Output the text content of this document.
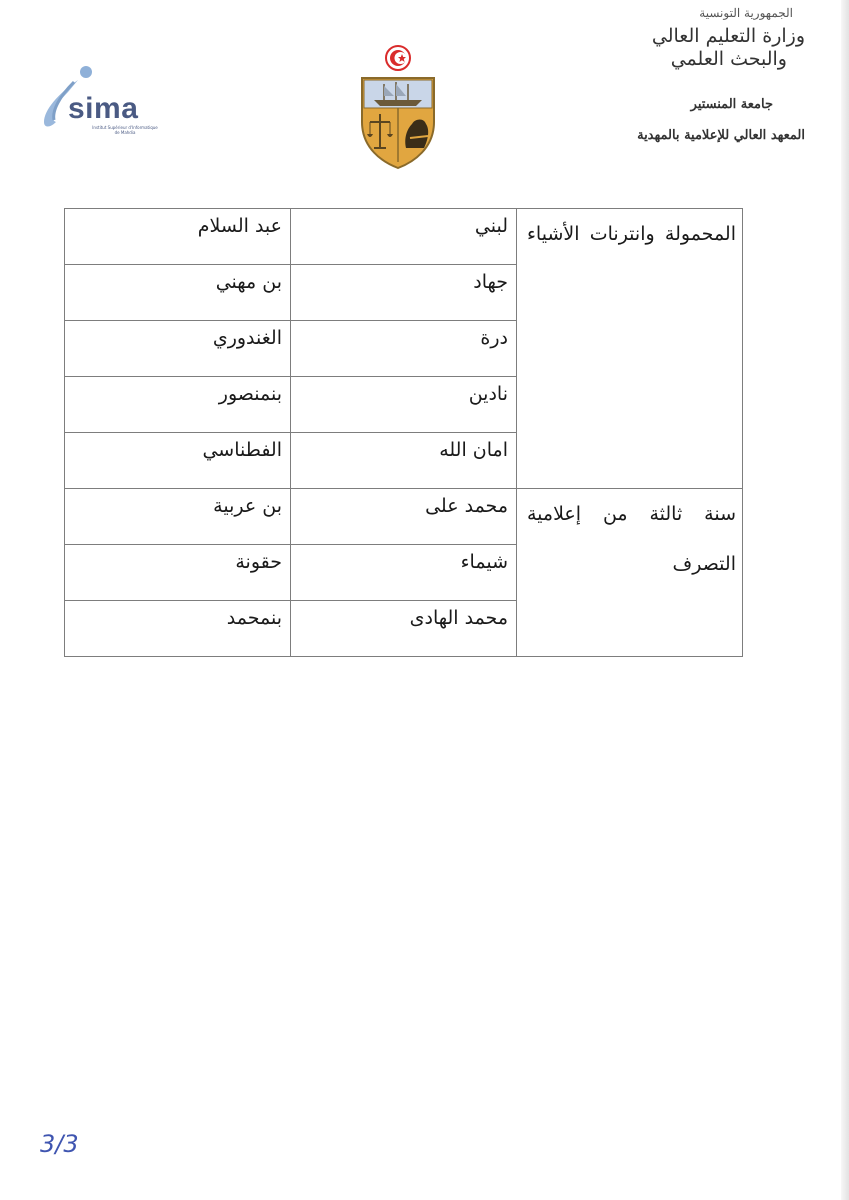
الجمهورية التونسية
وزارة التعليم العالي
والبحث العلمي
جامعة المنستير
المعهد العالي للإعلامية بالمهدية
sima
Institut Supérieur d'Informatique de Mahdia
المحمولة وانترنات الأشياء	لبني	عبد السلام
	جهاد	بن مهني
	درة	الغندوري
	نادين	بنمنصور
	امان الله	الفطناسي
سنة ثالثة من إعلامية التصرف	محمد على	بن عربية
	شيماء	حقونة
	محمد الهادى	بنمحمد
3/3
